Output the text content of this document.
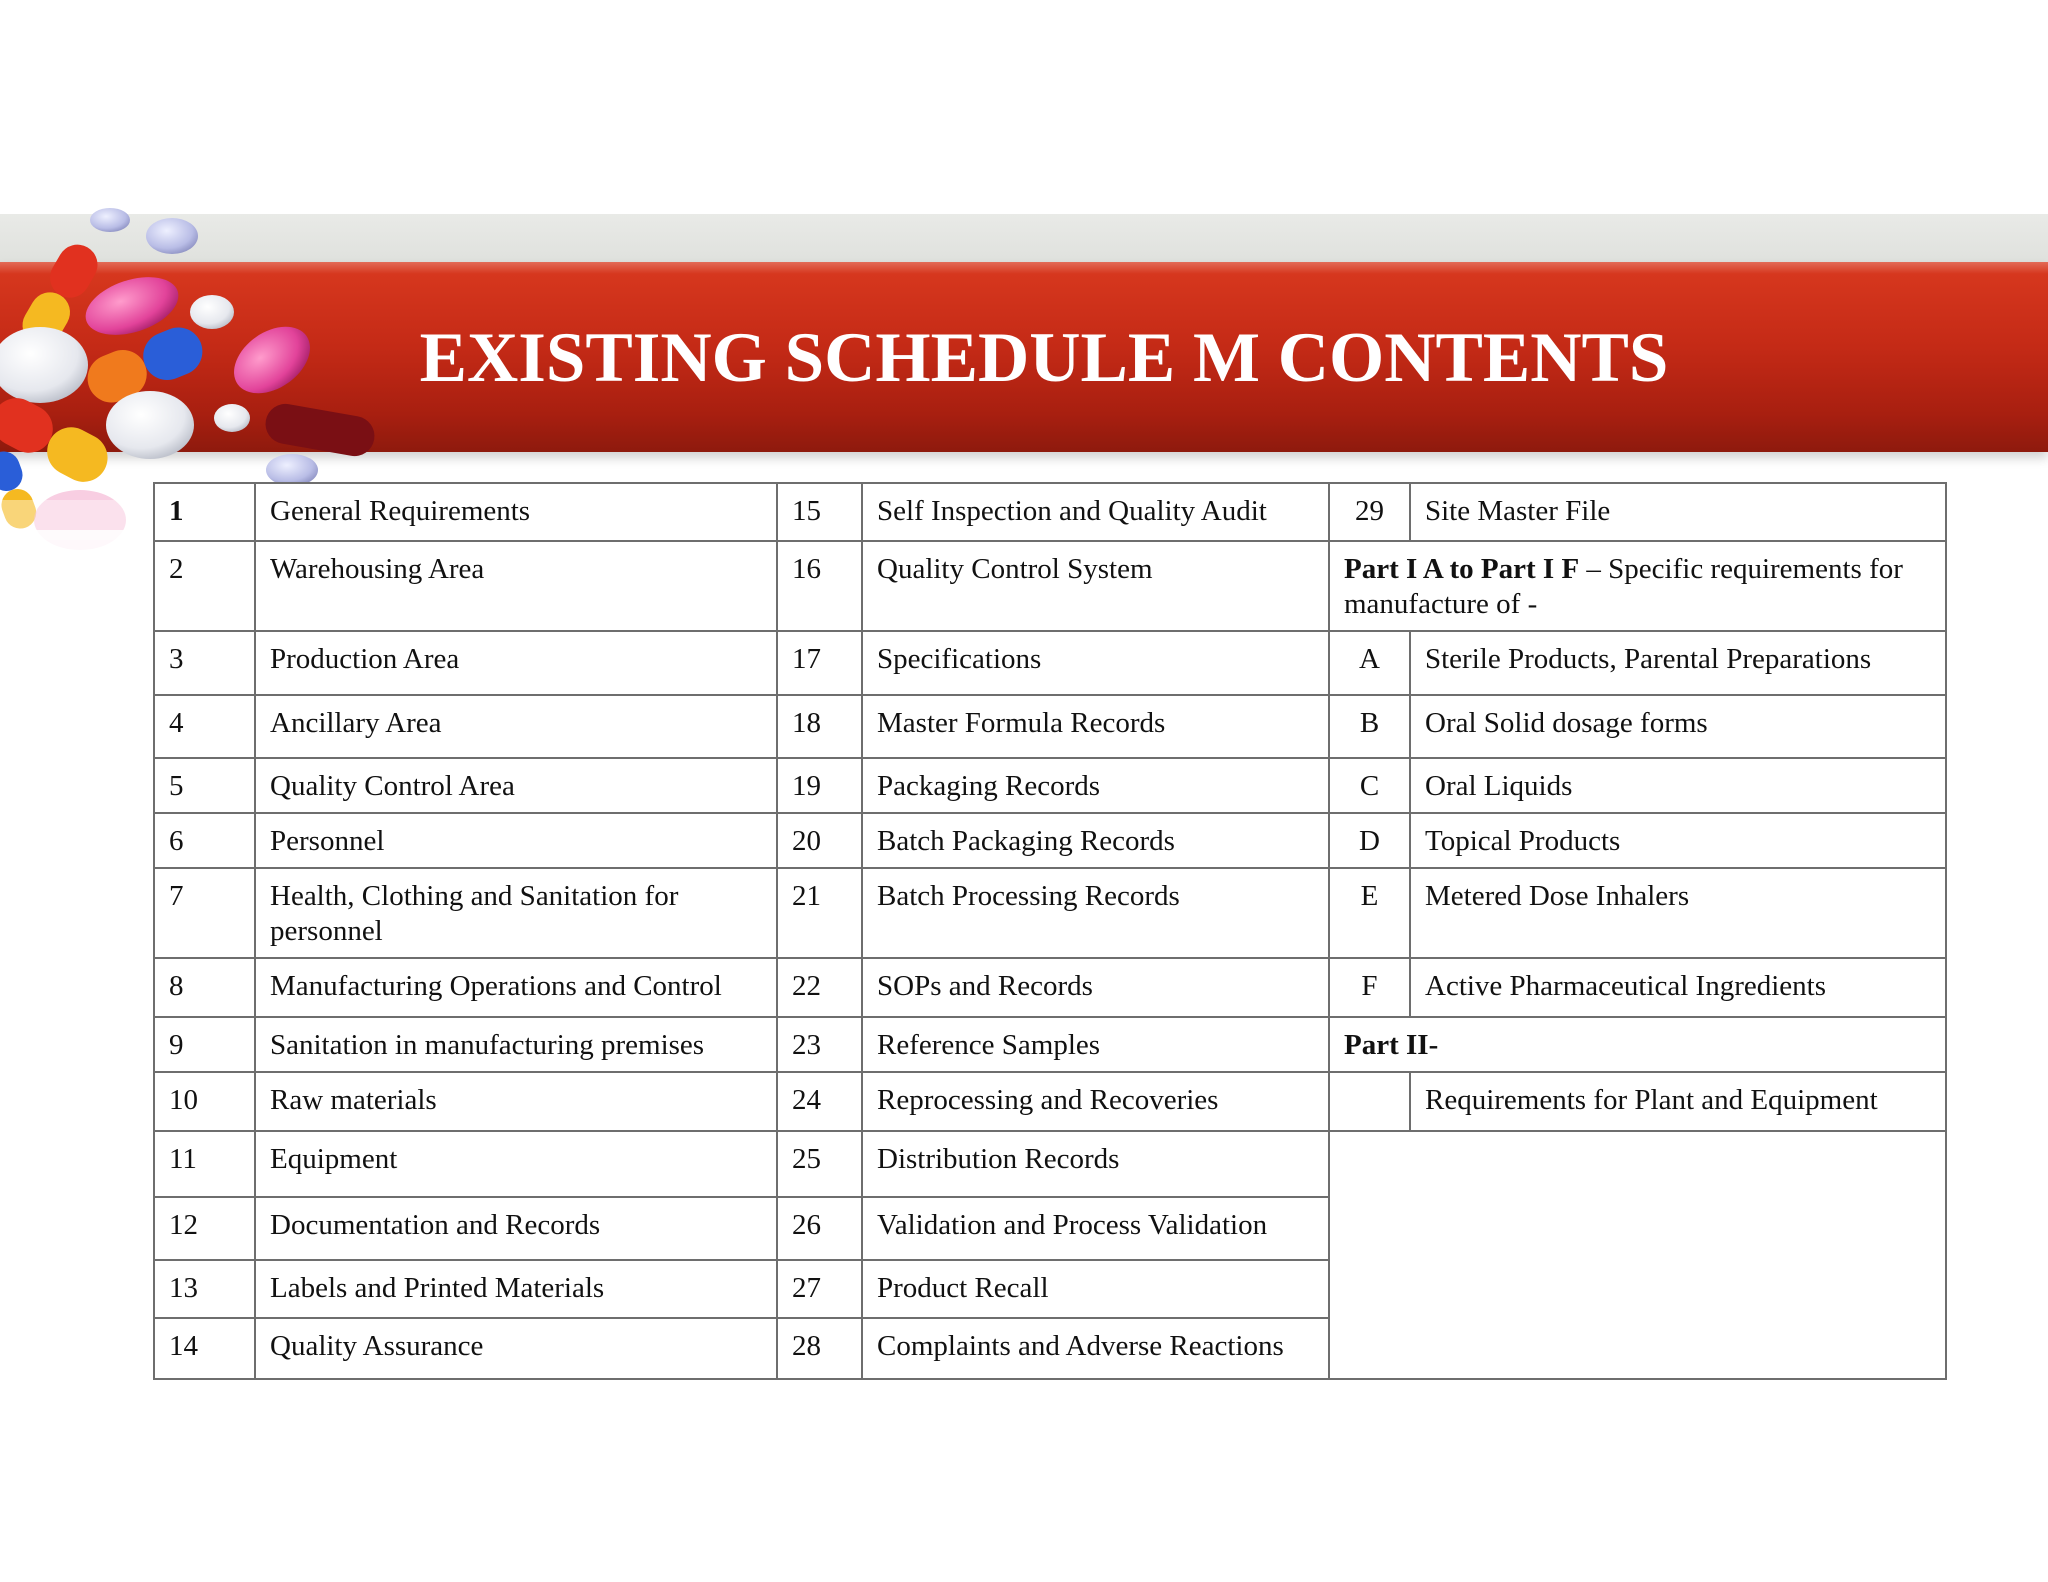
EXISTING SCHEDULE M CONTENTS
1	General Requirements	15	Self Inspection and Quality Audit	29	Site Master File
2	Warehousing Area	16	Quality Control System	Part I A to Part I F – Specific requirements for manufacture of -	
3	Production Area	17	Specifications	A	Sterile Products, Parental Preparations
4	Ancillary Area	18	Master Formula Records	B	Oral Solid dosage forms
5	Quality Control Area	19	Packaging Records	C	Oral Liquids
6	Personnel	20	Batch Packaging Records	D	Topical Products
7	Health, Clothing and Sanitation for personnel	21	Batch Processing Records	E	Metered Dose Inhalers
8	Manufacturing Operations and Control	22	SOPs and Records	F	Active Pharmaceutical Ingredients
9	Sanitation in manufacturing premises	23	Reference Samples	Part II-	
10	Raw materials	24	Reprocessing and Recoveries		Requirements for Plant and Equipment
11	Equipment	25	Distribution Records		
12	Documentation and Records	26	Validation and Process Validation		
13	Labels and Printed Materials	27	Product Recall		
14	Quality Assurance	28	Complaints and Adverse Reactions		
